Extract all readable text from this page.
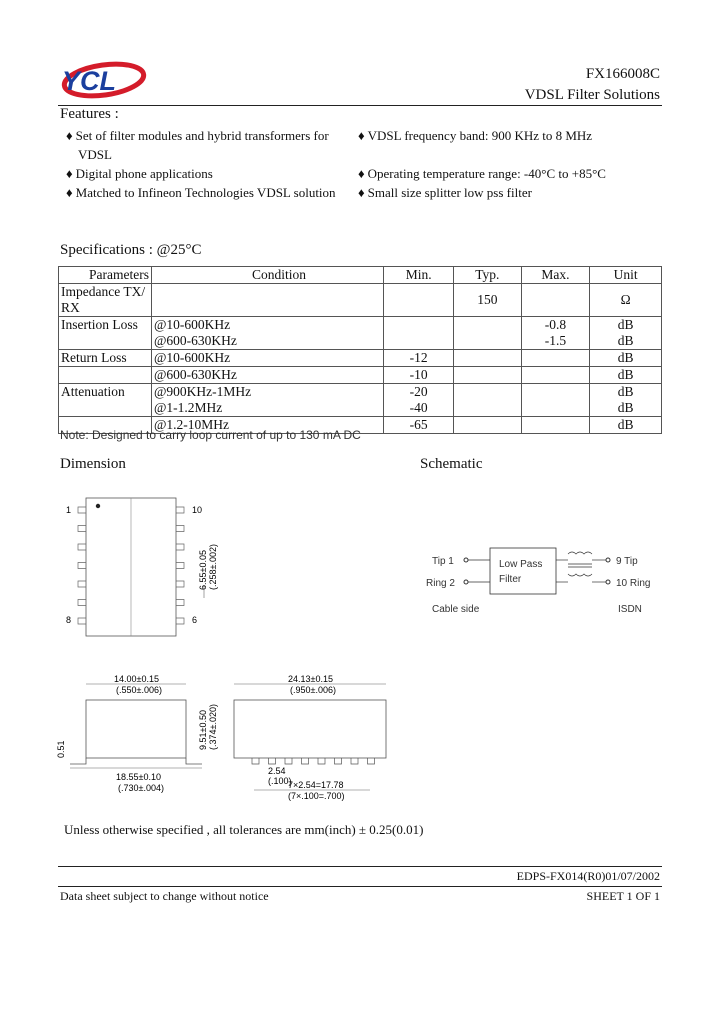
YCL	FX166008C
VDSL Filter Solutions
Features :
♦ Set of filter modules and hybrid transformers for
VDSL
♦ Digital phone applications
♦ Matched to Infineon Technologies VDSL solution
♦ VDSL frequency band: 900 KHz to 8 MHz
♦ Operating temperature range: -40°C to +85°C
♦ Small size splitter low pss filter
Specifications : @25°C
Parameters	Condition	Min.	Typ.	Max.	Unit
Impedance TX/ RX			150		Ω
Insertion Loss	@10-600KHz			-0.8	dB
	@600-630KHz			-1.5	dB
Return Loss	@10-600KHz	-12			dB
	@600-630KHz	-10			dB
Attenuation	@900KHz-1MHz	-20			dB
	@1-1.2MHz	-40			dB
	@1.2-10MHz	-65			dB
Note: Designed to carry loop current of up to 130 mA DC
Dimension
1	10
8	6
6.55±0.05 (.258±.002)
14.00±0.15
(.550±.006)
0.51	9.51±0.50 (.374±.020)
18.55±0.10
(.730±.004)
24.13±0.15
(.950±.006)
2.54
(.100)
7×2.54=17.78
(7×.100=.700)
Schematic
Tip 1
Ring 2
Low Pass
Filter
9 Tip
10 Ring
Cable side	ISDN
Unless otherwise specified , all tolerances are mm(inch) ± 0.25(0.01)
EDPS-FX014(R0)01/07/2002
Data sheet subject to change without notice	SHEET 1 OF 1
